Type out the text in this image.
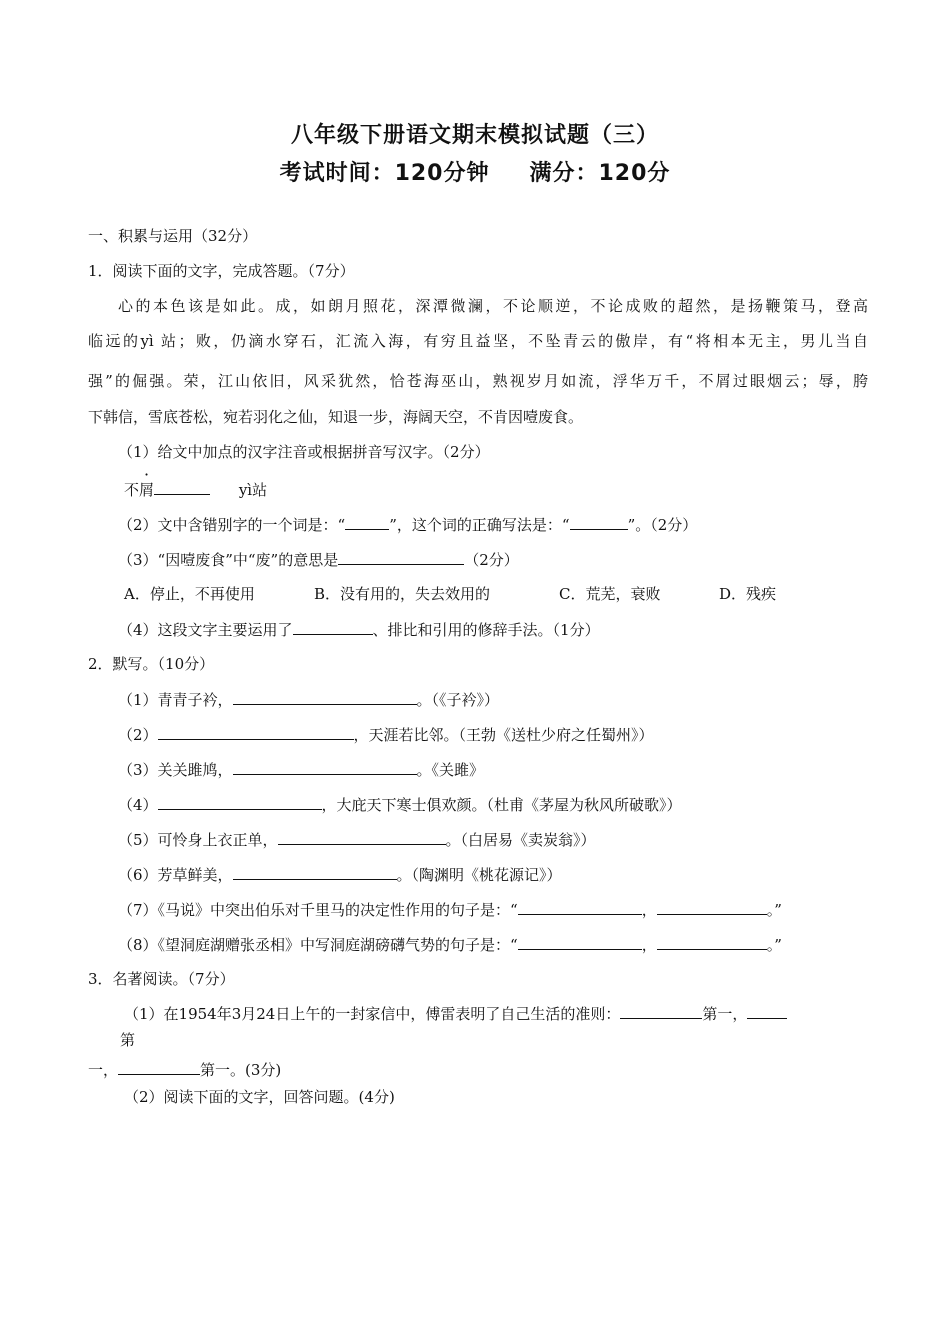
八年级下册语文期末模拟试题（三）
考试时间：120分钟 满分：120分
一、积累与运用（32分）
1．阅读下面的文字，完成答题。（7分）
心的本色该是如此。成，如朗月照花，深潭微澜，不论顺逆，不论成败的超然，是扬鞭策马，登高
临远的yì 站；败，仍滴水穿石，汇流入海，有穷且益坚，不坠青云的傲岸，有“将相本无主，男儿当自
强”的倔强。荣，江山依旧，风采犹然，恰苍海巫山，熟视岁月如流，浮华万千，不屑过眼烟云；辱，胯
下韩信，雪底苍松，宛若羽化之仙，知退一步，海阔天空，不肯因噎废食。
（1）给文中加点的汉字注音或根据拼音写汉字。（2分）
不屑	yì站
（2）文中含错别字的一个词是：“	”，这个词的正确写法是：“	”。（2分）
（3）“因噎废食”中“废”的意思是	（2分）
A．停止，不再使用	B．没有用的，失去效用的	C．荒芜，衰败	D．残疾
（4）这段文字主要运用了	、排比和引用的修辞手法。（1分）
2．默写。（10分）
（1）青青子衿，	。（《子衿》）
（2）	，天涯若比邻。（王勃《送杜少府之任蜀州》）
（3）关关雎鸠，	。《关雎》
（4）	，大庇天下寒士俱欢颜。（杜甫《茅屋为秋风所破歌》）
（5）可怜身上衣正单，	。（白居易《卖炭翁》）
（6）芳草鲜美，	。（陶渊明《桃花源记》）
（7）《马说》中突出伯乐对千里马的决定性作用的句子是：“	，	。”
（8）《望洞庭湖赠张丞相》中写洞庭湖磅礴气势的句子是：“	，	。”
3．名著阅读。（7分）
（1）在1954年3月24日上午的一封家信中，傅雷表明了自己生活的准则：	第一，
第
一，	第一。(3分)
（2）阅读下面的文字，回答问题。(4分)
